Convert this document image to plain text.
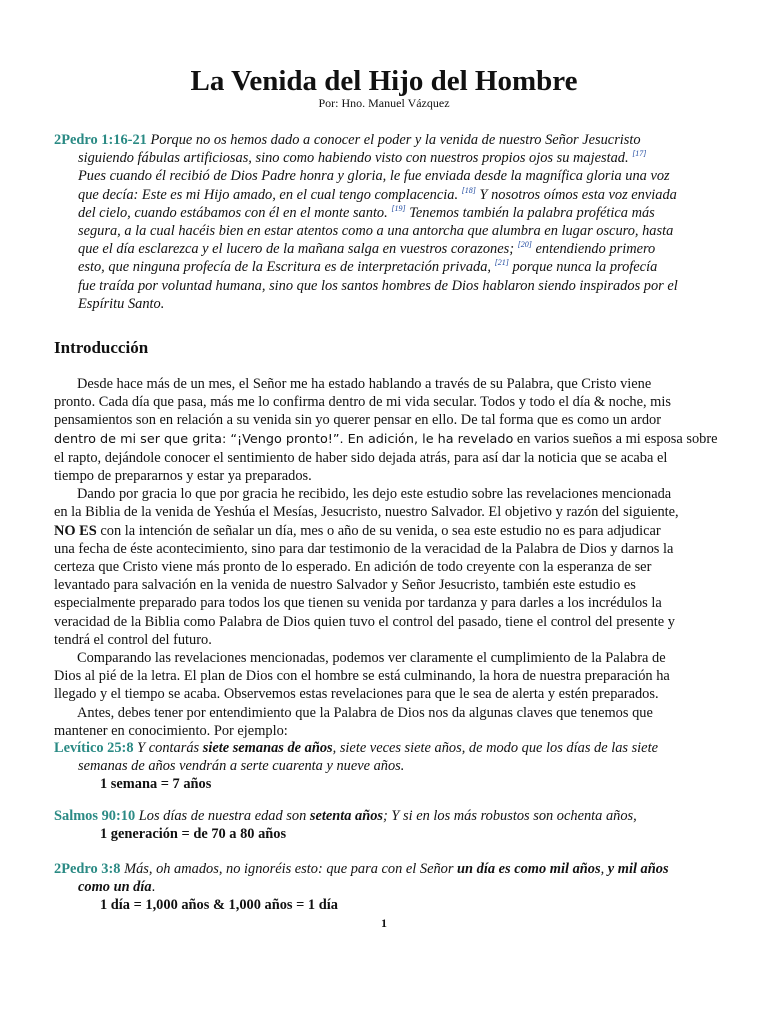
La Venida del Hijo del Hombre
Por: Hno. Manuel Vázquez
2Pedro 1:16-21 Porque no os hemos dado a conocer el poder y la venida de nuestro Señor Jesucristo
siguiendo fábulas artificiosas, sino como habiendo visto con nuestros propios ojos su majestad. [17]
Pues cuando él recibió de Dios Padre honra y gloria, le fue enviada desde la magnífica gloria una voz
que decía: Este es mi Hijo amado, en el cual tengo complacencia. [18] Y nosotros oímos esta voz enviada
del cielo, cuando estábamos con él en el monte santo. [19] Tenemos también la palabra profética más
segura, a la cual hacéis bien en estar atentos como a una antorcha que alumbra en lugar oscuro, hasta
que el día esclarezca y el lucero de la mañana salga en vuestros corazones; [20] entendiendo primero
esto, que ninguna profecía de la Escritura es de interpretación privada, [21] porque nunca la profecía
fue traída por voluntad humana, sino que los santos hombres de Dios hablaron siendo inspirados por el
Espíritu Santo.
Introducción
Desde hace más de un mes, el Señor me ha estado hablando a través de su Palabra, que Cristo viene
pronto. Cada día que pasa, más me lo confirma dentro de mi vida secular. Todos y todo el día & noche, mis
pensamientos son en relación a su venida sin yo querer pensar en ello. De tal forma que es como un ardor
dentro de mi ser que grita: “¡Vengo pronto!”. En adición, le ha revelado en varios sueños a mi esposa sobre
el rapto, dejándole conocer el sentimiento de haber sido dejada atrás, para así dar la noticia que se acaba el
tiempo de prepararnos y estar ya preparados.
Dando por gracia lo que por gracia he recibido, les dejo este estudio sobre las revelaciones mencionada
en la Biblia de la venida de Yeshúa el Mesías, Jesucristo, nuestro Salvador. El objetivo y razón del siguiente,
NO ES con la intención de señalar un día, mes o año de su venida, o sea este estudio no es para adjudicar
una fecha de éste acontecimiento, sino para dar testimonio de la veracidad de la Palabra de Dios y darnos la
certeza que Cristo viene más pronto de lo esperado. En adición de todo creyente con la esperanza de ser
levantado para salvación en la venida de nuestro Salvador y Señor Jesucristo, también este estudio es
especialmente preparado para todos los que tienen su venida por tardanza y para darles a los incrédulos la
veracidad de la Biblia como Palabra de Dios quien tuvo el control del pasado, tiene el control del presente y
tendrá el control del futuro.
Comparando las revelaciones mencionadas, podemos ver claramente el cumplimiento de la Palabra de
Dios al pié de la letra. El plan de Dios con el hombre se está culminando, la hora de nuestra preparación ha
llegado y el tiempo se acaba. Observemos estas revelaciones para que le sea de alerta y estén preparados.
Antes, debes tener por entendimiento que la Palabra de Dios nos da algunas claves que tenemos que
mantener en conocimiento. Por ejemplo:
Levítico 25:8 Y contarás siete semanas de años, siete veces siete años, de modo que los días de las siete
semanas de años vendrán a serte cuarenta y nueve años.
1 semana = 7 años
Salmos 90:10 Los días de nuestra edad son setenta años; Y si en los más robustos son ochenta años,
1 generación = de 70 a 80 años
2Pedro 3:8 Más, oh amados, no ignoréis esto: que para con el Señor un día es como mil años, y mil años
como un día.
1 día = 1,000 años & 1,000 años = 1 día
1
